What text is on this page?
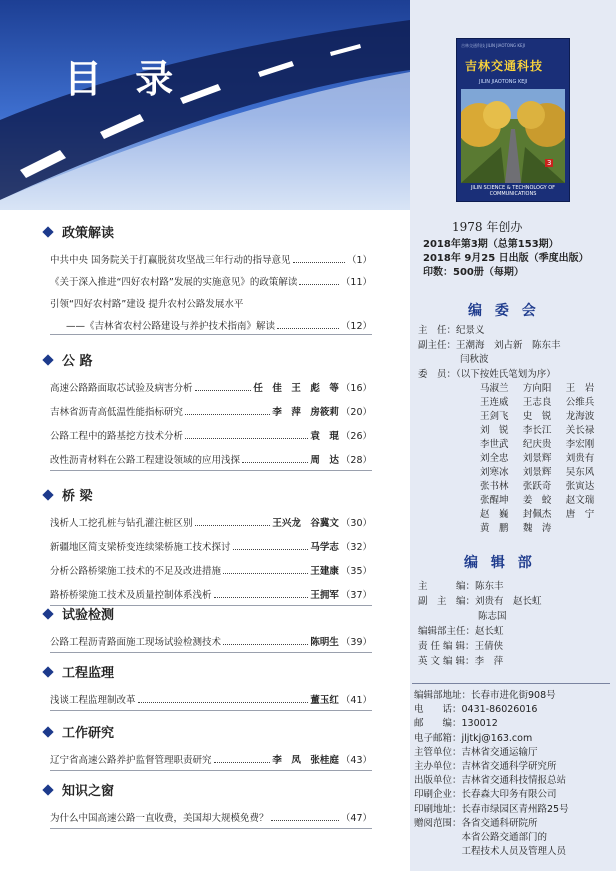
目 录
吉林交通科技 JILIN JIAOTONG KEJI
吉林交通科技
JILIN JIAOTONG KEJI
3
JILIN SCIENCE & TECHNOLOGY OF COMMUNICATIONS
1978 年创办
2018年第3期（总第153期）
2018年 9月25 日出版（季度出版）
印数：500册（每期）
编 委 会
主　任：纪景义
副主任：王潮海　刘占新　陈东丰
闫秋波
委　员：（以下按姓氏笔划为序）
马淑兰	方向阳	王　岩
王连威	王志良	公维兵
王剑飞	史　锐	龙海波
刘　锐	李长江	关长禄
李世武	纪庆贵	李宏刚
刘全忠	刘景辉	刘贵有
刘寒冰	刘景辉	吴东风
张书林	张跃奇	张寅达
张醒坤	姜　蛟	赵文瑞
赵　巍	封佩杰	唐　宁
黄　鹏	魏　涛
编 辑 部
主　　　编：陈东丰
副　主　编：刘贵有　赵长虹
陈志国
编辑部主任：赵长虹
责 任 编 辑：王倩侠
英 文 编 辑：李　萍
编辑部地址：长春市进化街908号
电　　话：0431-86026016
邮　　编：130012
电子邮箱：jljtkj@163.com
主管单位：吉林省交通运输厅
主办单位：吉林省交通科学研究所
出版单位：吉林省交通科技情报总站
印刷企业：长春森大印务有限公司
印刷地址：长春市绿园区青州路25号
赠阅范围：各省交通科研院所
　　　　　本省公路交通部门的
　　　　　工程技术人员及管理人员
政策解读
中共中央 国务院关于打赢脱贫攻坚战三年行动的指导意见	（1）
《关于深入推进“四好农村路”发展的实施意见》的政策解读	（11）
引领“四好农村路”建设 提升农村公路发展水平
——《吉林省农村公路建设与养护技术指南》解读	（12）
公 路
高速公路路面取芯试验及病害分析	任　佳　王　彪　等 （16）
吉林省沥青高低温性能指标研究	李　萍　房筱莉 （20）
公路工程中的路基挖方技术分析	袁　琨 （26）
改性沥青材料在公路工程建设领域的应用浅探	周　达 （28）
桥 梁
浅析人工挖孔桩与钻孔灌注桩区别	王兴龙　谷冀文 （30）
新疆地区简支梁桥变连续梁桥施工技术探讨	马学志 （32）
分析公路桥梁施工技术的不足及改进措施	王建康 （35）
路桥桥梁施工技术及质量控制体系浅析	王拥军 （37）
试验检测
公路工程沥青路面施工现场试验检测技术	陈明生 （39）
工程监理
浅谈工程监理制改革	董玉红 （41）
工作研究
辽宁省高速公路养护监督管理职责研究	李　凤　张桂庭 （43）
知识之窗
为什么中国高速公路一直收费，美国却大规模免费？	（47）
